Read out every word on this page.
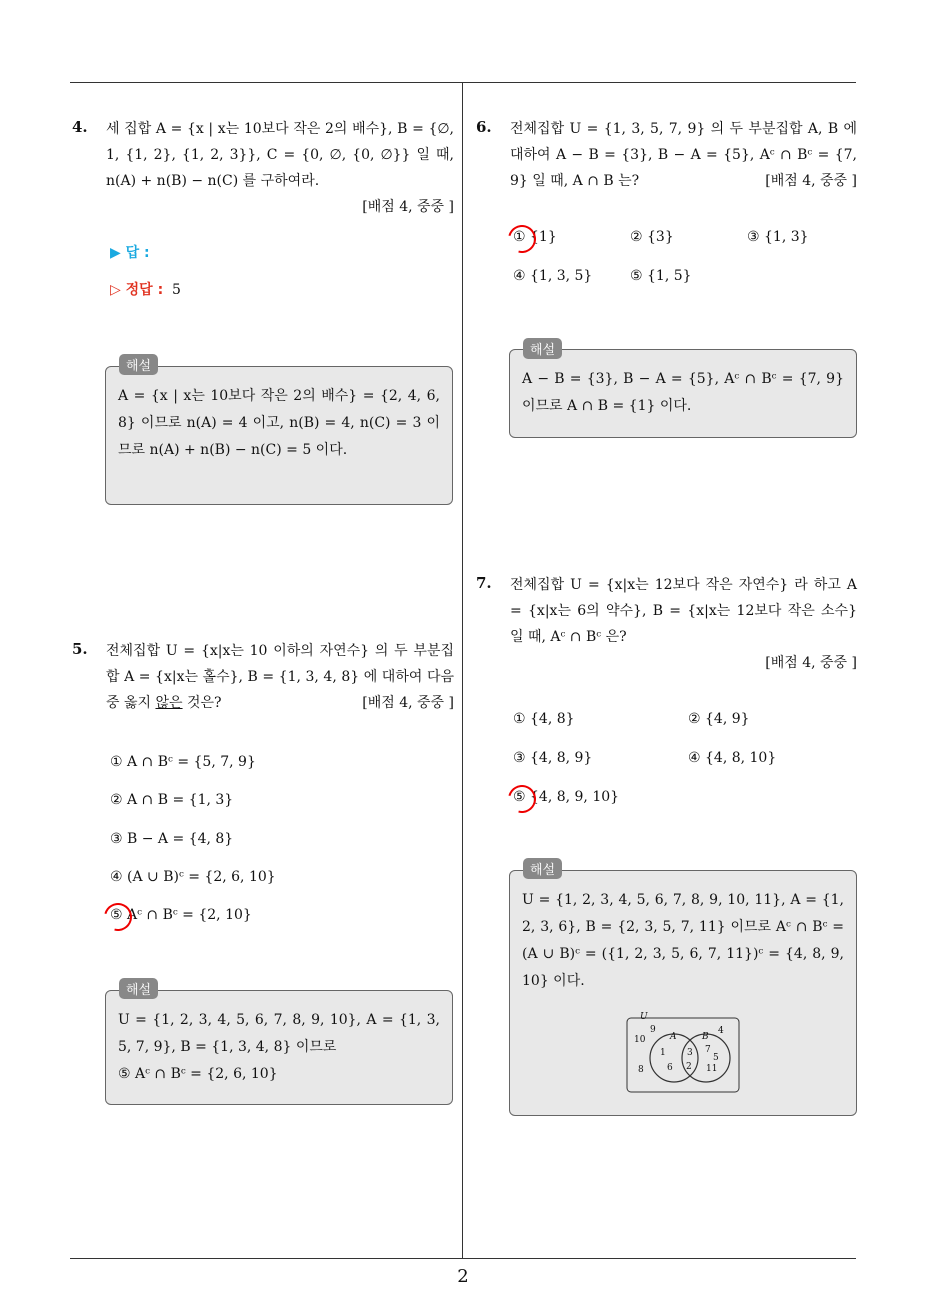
4. 세 집합 A = {x | x는 10보다 작은 2의 배수}, B = {∅, 1, {1, 2}, {1, 2, 3}}, C = {0, ∅, {0, ∅}} 일 때, n(A) + n(B) − n(C) 를 구하여라.
[배점 4, 중중 ]
▶ 답 :
▷ 정답 : 5
A = {x | x는 10보다 작은 2의 배수} = {2, 4, 6, 8} 이므로 n(A) = 4 이고, n(B) = 4, n(C) = 3 이므로 n(A) + n(B) − n(C) = 5 이다.
해설
5. 전체집합 U = {x|x는 10 이하의 자연수} 의 두 부분집합 A = {x|x는 홀수}, B = {1, 3, 4, 8} 에 대하여 다음 중 옳지 않은 것은?	[배점 4, 중중 ]
① A ∩ Bᶜ = {5, 7, 9}
② A ∩ B = {1, 3}
③ B − A = {4, 8}
④ (A ∪ B)ᶜ = {2, 6, 10}
⑤ Aᶜ ∩ Bᶜ = {2, 10}
U = {1, 2, 3, 4, 5, 6, 7, 8, 9, 10}, A = {1, 3, 5, 7, 9}, B = {1, 3, 4, 8} 이므로
⑤ Aᶜ ∩ Bᶜ = {2, 6, 10}
해설
6. 전체집합 U = {1, 3, 5, 7, 9} 의 두 부분집합 A, B 에 대하여 A − B = {3}, B − A = {5}, Aᶜ ∩ Bᶜ = {7, 9} 일 때, A ∩ B 는?	[배점 4, 중중 ]
① {1}	② {3}	③ {1, 3}
④ {1, 3, 5}	⑤ {1, 5}
A − B = {3}, B − A = {5}, Aᶜ ∩ Bᶜ = {7, 9} 이므로 A ∩ B = {1} 이다.
해설
7. 전체집합 U = {x|x는 12보다 작은 자연수} 라 하고 A = {x|x는 6의 약수}, B = {x|x는 12보다 작은 소수} 일 때, Aᶜ ∩ Bᶜ 은?
[배점 4, 중중 ]
① {4, 8}	② {4, 9}
③ {4, 8, 9}	④ {4, 8, 10}
⑤ {4, 8, 9, 10}
U = {1, 2, 3, 4, 5, 6, 7, 8, 9, 10, 11}, A = {1, 2, 3, 6}, B = {2, 3, 5, 7, 11} 이므로 Aᶜ ∩ Bᶜ = (A ∪ B)ᶜ = ({1, 2, 3, 5, 6, 7, 11})ᶜ = {4, 8, 9, 10} 이다.
해설
U
A	B
10
9	4
1 3 7
5
6 2 11
8
2
